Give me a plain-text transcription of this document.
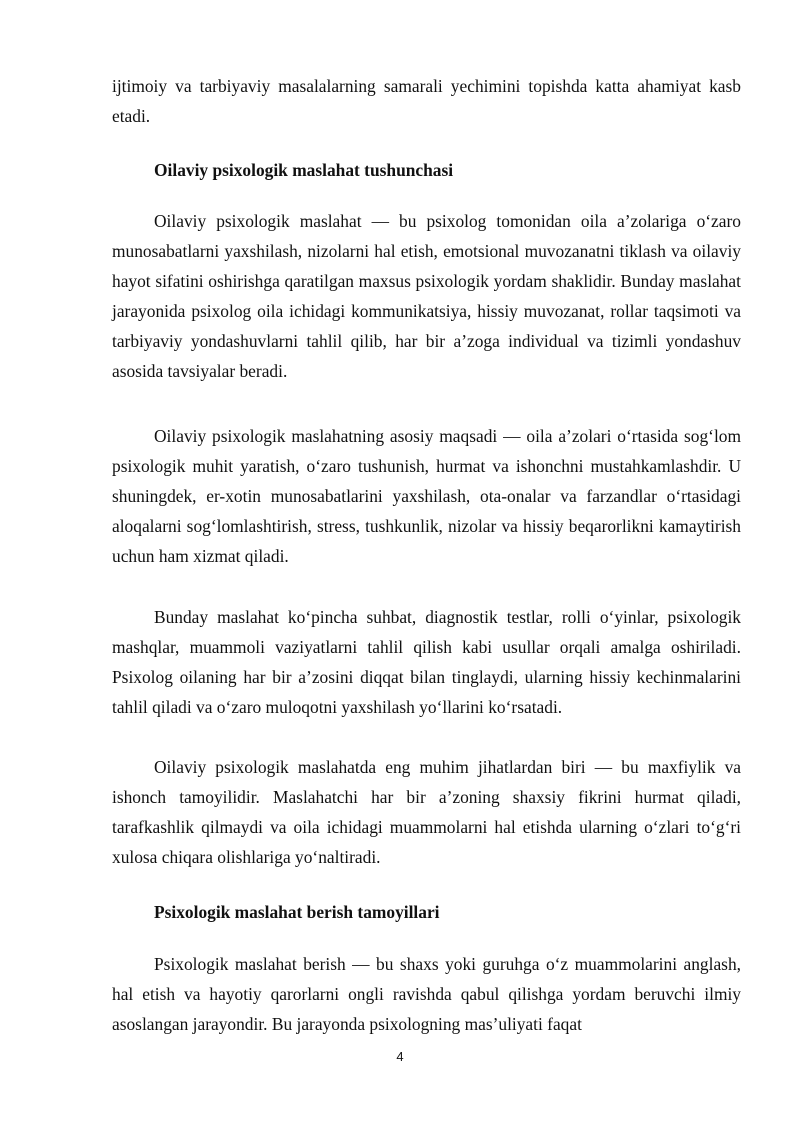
ijtimoiy va tarbiyaviy masalalarning samarali yechimini topishda katta ahamiyat kasb etadi.

Oilaviy psixologik maslahat tushunchasi

Oilaviy psixologik maslahat — bu psixolog tomonidan oila a’zolariga o‘zaro munosabatlarni yaxshilash, nizolarni hal etish, emotsional muvozanatni tiklash va oilaviy hayot sifatini oshirishga qaratilgan maxsus psixologik yordam shaklidir. Bunday maslahat jarayonida psixolog oila ichidagi kommunikatsiya, hissiy muvozanat, rollar taqsimoti va tarbiyaviy yondashuvlarni tahlil qilib, har bir a’zoga individual va tizimli yondashuv asosida tavsiyalar beradi.

Oilaviy psixologik maslahatning asosiy maqsadi — oila a’zolari o‘rtasida sog‘lom psixologik muhit yaratish, o‘zaro tushunish, hurmat va ishonchni mustahkamlashdir. U shuningdek, er-xotin munosabatlarini yaxshilash, ota-onalar va farzandlar o‘rtasidagi aloqalarni sog‘lomlashtirish, stress, tushkunlik, nizolar va hissiy beqarorlikni kamaytirish uchun ham xizmat qiladi.

Bunday maslahat ko‘pincha suhbat, diagnostik testlar, rolli o‘yinlar, psixologik mashqlar, muammoli vaziyatlarni tahlil qilish kabi usullar orqali amalga oshiriladi. Psixolog oilaning har bir a’zosini diqqat bilan tinglaydi, ularning hissiy kechinmalarini tahlil qiladi va o‘zaro muloqotni yaxshilash yo‘llarini ko‘rsatadi.

Oilaviy psixologik maslahatda eng muhim jihatlardan biri — bu maxfiylik va ishonch tamoyilidir. Maslahatchi har bir a’zoning shaxsiy fikrini hurmat qiladi, tarafkashlik qilmaydi va oila ichidagi muammolarni hal etishda ularning o‘zlari to‘g‘ri xulosa chiqara olishlariga yo‘naltiradi.

Psixologik maslahat berish tamoyillari

Psixologik maslahat berish — bu shaxs yoki guruhga o‘z muammolarini anglash, hal etish va hayotiy qarorlarni ongli ravishda qabul qilishga yordam beruvchi ilmiy asoslangan jarayondir. Bu jarayonda psixologning mas’uliyati faqat

4
